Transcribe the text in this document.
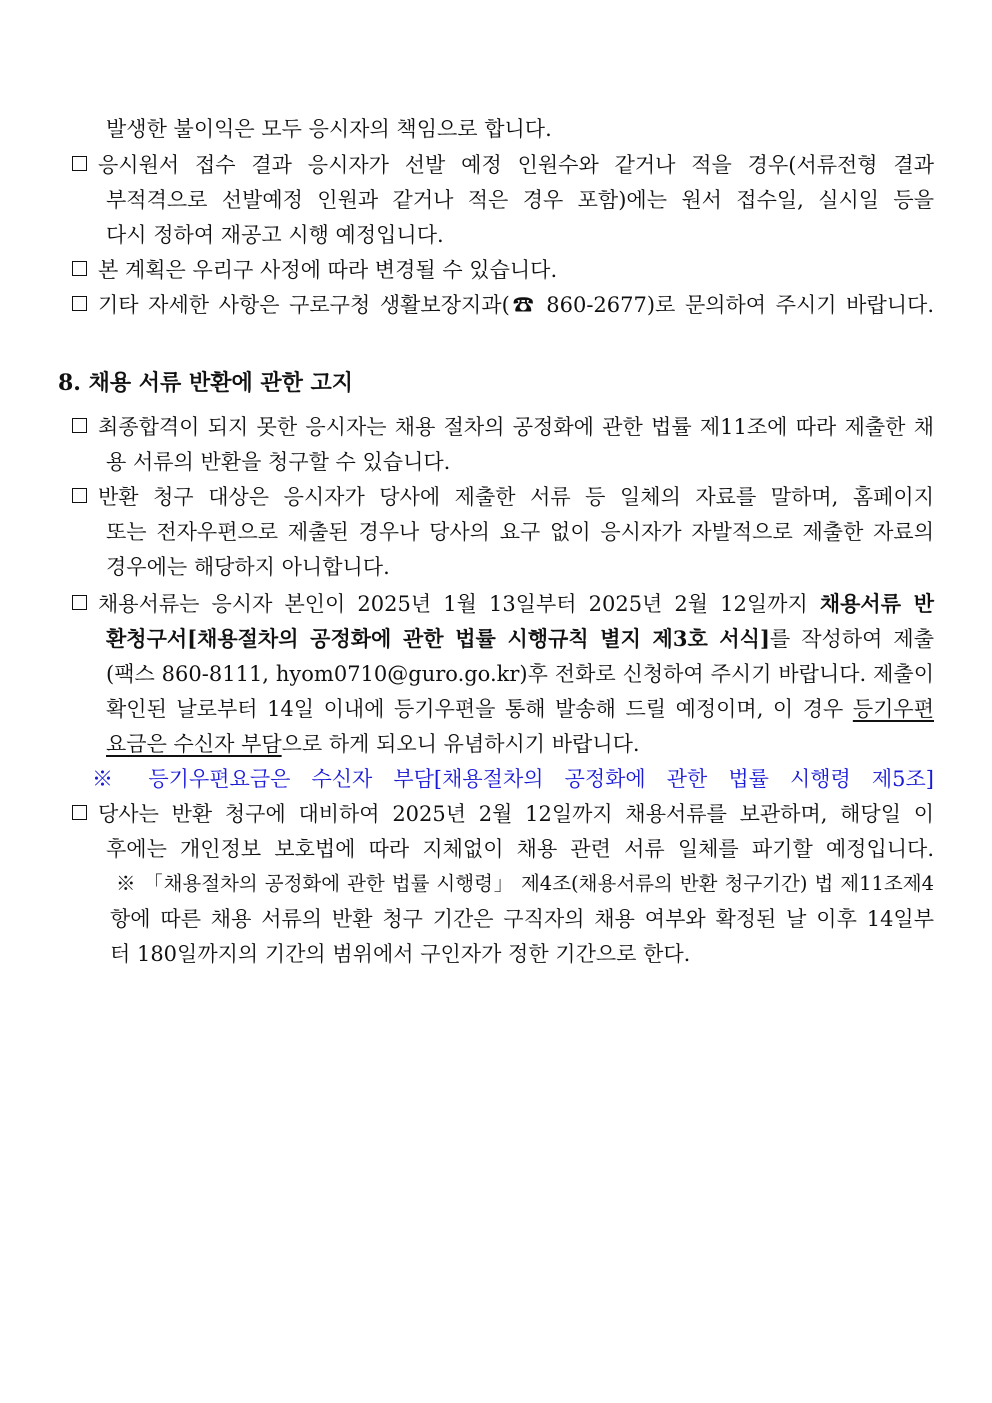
발생한 불이익은 모두 응시자의 책임으로 합니다.
응시원서 접수 결과 응시자가 선발 예정 인원수와 같거나 적을 경우(서류전형 결과
부적격으로 선발예정 인원과 같거나 적은 경우 포함)에는 원서 접수일, 실시일 등을
다시 정하여 재공고 시행 예정입니다.
본 계획은 우리구 사정에 따라 변경될 수 있습니다.
기타 자세한 사항은 구로구청 생활보장지과(☎ 860-2677)로 문의하여 주시기 바랍니다.
8. 채용 서류 반환에 관한 고지
최종합격이 되지 못한 응시자는 채용 절차의 공정화에 관한 법률 제11조에 따라 제출한 채
용 서류의 반환을 청구할 수 있습니다.
반환 청구 대상은 응시자가 당사에 제출한 서류 등 일체의 자료를 말하며, 홈페이지
또는 전자우편으로 제출된 경우나 당사의 요구 없이 응시자가 자발적으로 제출한 자료의
경우에는 해당하지 아니합니다.
채용서류는 응시자 본인이 2025년 1월 13일부터 2025년 2월 12일까지 채용서류 반
환청구서[채용절차의 공정화에 관한 법률 시행규칙 별지 제3호 서식]를 작성하여 제출
(팩스 860-8111, hyom0710@guro.go.kr)후 전화로 신청하여 주시기 바랍니다. 제출이
확인된 날로부터 14일 이내에 등기우편을 통해 발송해 드릴 예정이며, 이 경우 등기우편
요금은 수신자 부담으로 하게 되오니 유념하시기 바랍니다.
※ 등기우편요금은 수신자 부담[채용절차의 공정화에 관한 법률 시행령 제5조]
당사는 반환 청구에 대비하여 2025년 2월 12일까지 채용서류를 보관하며, 해당일 이
후에는 개인정보 보호법에 따라 지체없이 채용 관련 서류 일체를 파기할 예정입니다.
※ 「채용절차의 공정화에 관한 법률 시행령」 제4조(채용서류의 반환 청구기간) 법 제11조제4
항에 따른 채용 서류의 반환 청구 기간은 구직자의 채용 여부와 확정된 날 이후 14일부
터 180일까지의 기간의 범위에서 구인자가 정한 기간으로 한다.
